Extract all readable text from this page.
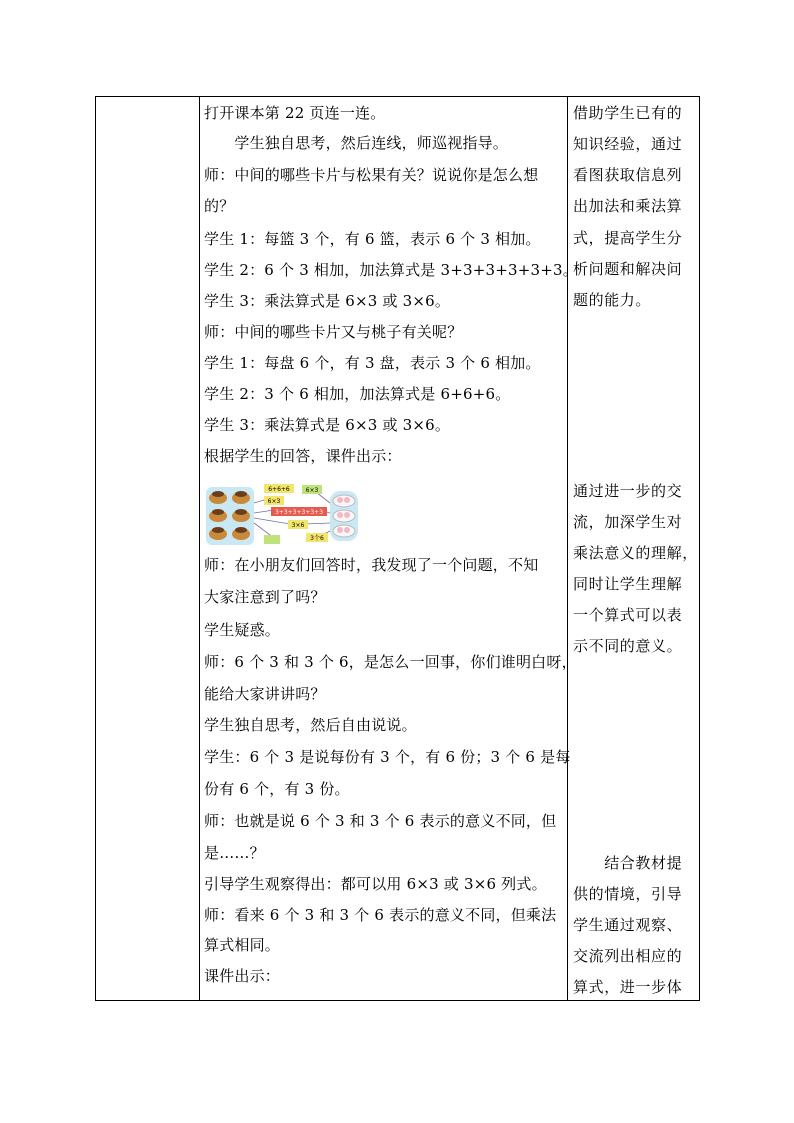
打开课本第 22 页连一连。
　　学生独自思考，然后连线，师巡视指导。
师：中间的哪些卡片与松果有关？说说你是怎么想
的？
学生 1：每篮 3 个，有 6 篮，表示 6 个 3 相加。
学生 2：6 个 3 相加，加法算式是 3+3+3+3+3+3。
学生 3：乘法算式是 6×3 或 3×6。
师：中间的哪些卡片又与桃子有关呢？
学生 1：每盘 6 个，有 3 盘，表示 3 个 6 相加。
学生 2：3 个 6 相加，加法算式是 6+6+6。
学生 3：乘法算式是 6×3 或 3×6。
根据学生的回答，课件出示：
6+6+6
6×3
3+3+3+3+3+3
3×6
6×3
3个6
师：在小朋友们回答时，我发现了一个问题，不知
大家注意到了吗？
学生疑惑。
师：6 个 3 和 3 个 6，是怎么一回事，你们谁明白呀，
能给大家讲讲吗？
学生独自思考，然后自由说说。
学生：6 个 3 是说每份有 3 个，有 6 份；3 个 6 是每
份有 6 个，有 3 份。
师：也就是说 6 个 3 和 3 个 6 表示的意义不同，但
是……？
引导学生观察得出：都可以用 6×3 或 3×6 列式。
师：看来 6 个 3 和 3 个 6 表示的意义不同，但乘法
算式相同。
课件出示：
借助学生已有的
知识经验，通过
看图获取信息列
出加法和乘法算
式，提高学生分
析问题和解决问
题的能力。
通过进一步的交
流，加深学生对
乘法意义的理解，
同时让学生理解
一个算式可以表
示不同的意义。
　　结合教材提
供的情境，引导
学生通过观察、
交流列出相应的
算式，进一步体
